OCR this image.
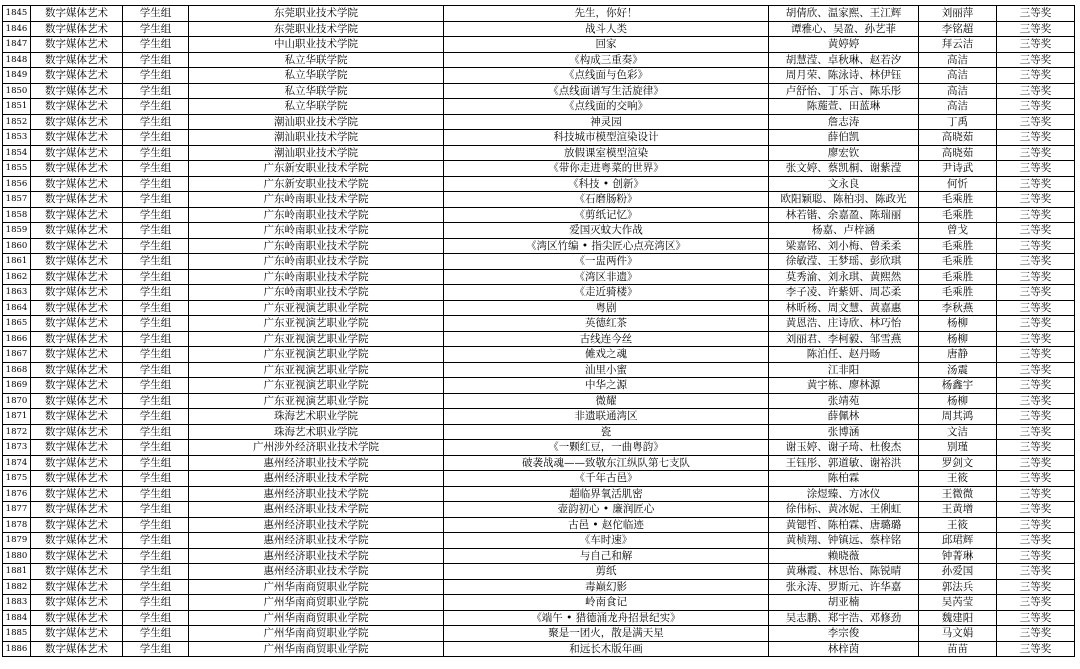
1845	数字媒体艺术	学生组	东莞职业技术学院	先生，你好！	胡倩欣、温家熙、王江辉	刘丽萍	三等奖
1846	数字媒体艺术	学生组	东莞职业技术学院	战斗人类	谭雅心、吴盈、孙艺菲	李铭超	三等奖
1847	数字媒体艺术	学生组	中山职业技术学院	回家	黄婷婷	拜云洁	三等奖
1848	数字媒体艺术	学生组	私立华联学院	《构成三重奏》	胡慧滢、卓秋琳、赵若汐	高洁	三等奖
1849	数字媒体艺术	学生组	私立华联学院	《点线面与色彩》	周月荣、陈泳诗、林伊钰	高洁	三等奖
1850	数字媒体艺术	学生组	私立华联学院	《点线面谱写生活旋律》	卢舒怡、丁乐言、陈乐彤	高洁	三等奖
1851	数字媒体艺术	学生组	私立华联学院	《点线面的交响》	陈葹萱、田蓝琳	高洁	三等奖
1852	数字媒体艺术	学生组	潮汕职业技术学院	神灵园	詹志涛	丁禹	三等奖
1853	数字媒体艺术	学生组	潮汕职业技术学院	科技城市模型渲染设计	薛伯凯	高晓茹	三等奖
1854	数字媒体艺术	学生组	潮汕职业技术学院	放假课室模型渲染	廖宏钦	高晓茹	三等奖
1855	数字媒体艺术	学生组	广东新安职业技术学院	《带你走进粤菜的世界》	张文婷、蔡凯桐、谢紫滢	尹诗武	三等奖
1856	数字媒体艺术	学生组	广东新安职业技术学院	《科技 • 创新》	文永良	何忻	三等奖
1857	数字媒体艺术	学生组	广东岭南职业技术学院	《石磨肠粉》	欧阳颖聪、陈柏羽、陈政光	毛乘胜	三等奖
1858	数字媒体艺术	学生组	广东岭南职业技术学院	《剪纸记忆》	林若锴、余嘉盈、陈瑞丽	毛乘胜	三等奖
1859	数字媒体艺术	学生组	广东岭南职业技术学院	爱国灭蚊大作战	杨嘉、卢梓涵	曾戈	三等奖
1860	数字媒体艺术	学生组	广东岭南职业技术学院	《湾区竹编 • 指尖匠心点亮湾区》	梁嘉铭、刘小梅、曾柔柔	毛乘胜	三等奖
1861	数字媒体艺术	学生组	广东岭南职业技术学院	《一盅两件》	徐敏滢、王梦瑶、彭欣琪	毛乘胜	三等奖
1862	数字媒体艺术	学生组	广东岭南职业技术学院	《湾区非遗》	莫秀渝、刘永琪、黄熙然	毛乘胜	三等奖
1863	数字媒体艺术	学生组	广东岭南职业技术学院	《走近骑楼》	李子凌、许紫妍、周芯柔	毛乘胜	三等奖
1864	数字媒体艺术	学生组	广东亚视演艺职业学院	粤剧	林昕杨、周文慧、黄嘉惠	李秋燕	三等奖
1865	数字媒体艺术	学生组	广东亚视演艺职业学院	英德红茶	黄恩浩、庄诗欣、林巧怡	杨柳	三等奖
1866	数字媒体艺术	学生组	广东亚视演艺职业学院	古线连今丝	刘丽君、李柯毅、邹雪燕	杨柳	三等奖
1867	数字媒体艺术	学生组	广东亚视演艺职业学院	傩戏之魂	陈泊任、赵丹旸	唐静	三等奖
1868	数字媒体艺术	学生组	广东亚视演艺职业学院	汕里小蜜	江非阳	汤震	三等奖
1869	数字媒体艺术	学生组	广东亚视演艺职业学院	中华之源	黄宇栋、廖林源	杨鑫宇	三等奖
1870	数字媒体艺术	学生组	广东亚视演艺职业学院	微耀	张靖苑	杨柳	三等奖
1871	数字媒体艺术	学生组	珠海艺术职业学院	非遗联通湾区	薛佩林	周其鸿	三等奖
1872	数字媒体艺术	学生组	珠海艺术职业学院	瓷	张博涵	文洁	三等奖
1873	数字媒体艺术	学生组	广州涉外经济职业技术学院	《一颗红豆，一曲粤韵》	谢玉婷、谢子琦、杜俊杰	别瑾	三等奖
1874	数字媒体艺术	学生组	惠州经济职业技术学院	破袭战魂——致敬东江纵队第七支队	王钰彤、郭道敏、谢裕洪	罗剑文	三等奖
1875	数字媒体艺术	学生组	惠州经济职业技术学院	《千年古邑》	陈柏霖	王筱	三等奖
1876	数字媒体艺术	学生组	惠州经济职业技术学院	超临界氧活肌密	涂煜臻、方冰仪	王微微	三等奖
1877	数字媒体艺术	学生组	惠州经济职业技术学院	壶韵初心 • 廉润匠心	徐伟标、黄冰妮、王俐虹	王黄增	三等奖
1878	数字媒体艺术	学生组	惠州经济职业技术学院	古邑 • 赵佗临迹	黄锶哲、陈柏霖、唐璐璐	王筱	三等奖
1879	数字媒体艺术	学生组	惠州经济职业技术学院	《车时速》	黄桢翔、钟镇远、蔡梓铭	邱珺辉	三等奖
1880	数字媒体艺术	学生组	惠州经济职业技术学院	与自己和解	赖晓薇	钟菁琳	三等奖
1881	数字媒体艺术	学生组	惠州经济职业技术学院	剪纸	黄琳霞、林思怡、陈锐晴	孙爱国	三等奖
1882	数字媒体艺术	学生组	广州华南商贸职业学院	毒巅幻影	张永涛、罗斯元、许华嘉	郭法兵	三等奖
1883	数字媒体艺术	学生组	广州华南商贸职业学院	岭南食记	胡亚楠	吴芮莹	三等奖
1884	数字媒体艺术	学生组	广州华南商贸职业学院	《端午 • 猎德涌龙舟招景纪实》	吴志鹏、郑宇浩、邓修劲	魏建阳	三等奖
1885	数字媒体艺术	学生组	广州华南商贸职业学院	聚是一团火，散是满天星	李宗俊	马文娟	三等奖
1886	数字媒体艺术	学生组	广州华南商贸职业学院	和远长木版年画	林梓茵	苗苗	三等奖
